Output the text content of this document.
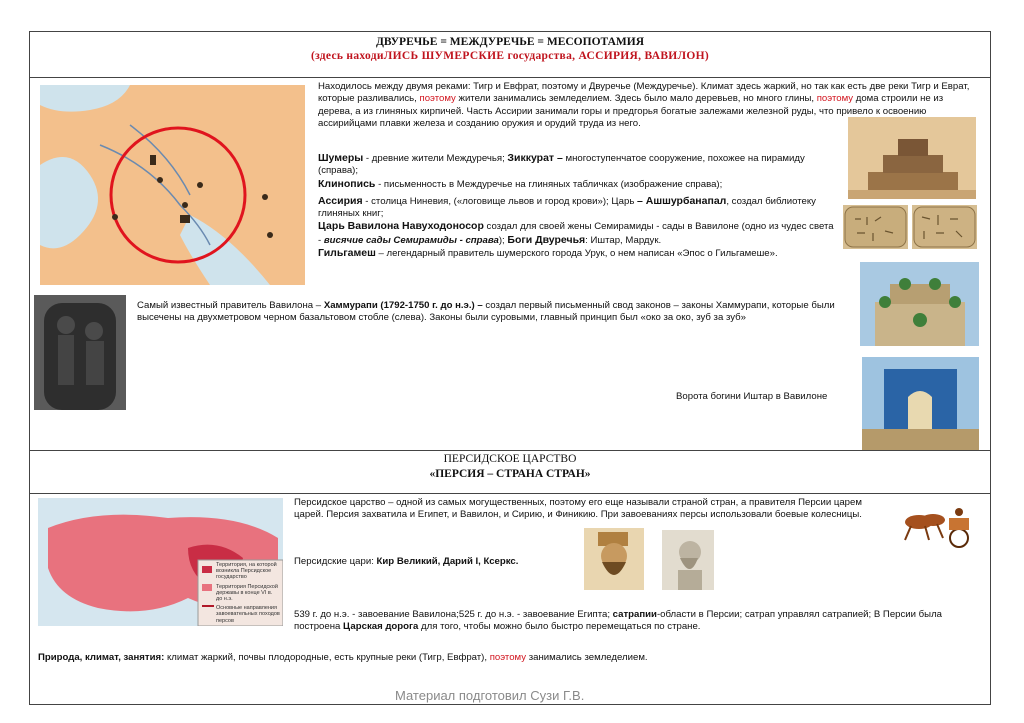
ДВУРЕЧЬЕ = МЕЖДУРЕЧЬЕ = МЕСОПОТАМИЯ
(здесь находиЛИСЬ ШУМЕРСКИЕ государства, АССИРИЯ, ВАВИЛОН)
Находилось между двумя реками: Тигр и Евфрат, поэтому и Двуречье (Междуречье). Климат здесь жаркий, но так как есть две реки Тигр и Еврат, которые разливались, поэтому жители занимались земледелием. Здесь было мало деревьев, но много глины, поэтому дома строили не из дерева, а из глиняных кирпичей. Часть Ассирии занимали горы и предгорья богатые залежами железной руды, что привело к освоению ассирийцами плавки железа и созданию оружия и орудий труда из него.
Шумеры - древние жители Междуречья; Зиккурат – многоступенчатое сооружение, похожее на пирамиду (справа);
Клинопись - письменность в Междуречье на глиняных табличках (изображение справа);
Ассирия - столица Ниневия, («логовище львов и город крови»); Царь – Ашшурбанапал, создал библиотеку глиняных книг;
Царь Вавилона Навуходоносор создал для своей жены Семирамиды - сады в Вавилоне (одно из чудес света - висячие сады Семирамиды - справа); Боги Двуречья: Иштар, Мардук.
Гильгамеш – легендарный правитель шумерского города Урук, о нем написан «Эпос о Гильгамеше».
Ворота богини Иштар в Вавилоне
Самый известный правитель Вавилона – Хаммурапи (1792-1750 г. до н.э.) – создал первый письменный свод законов – законы Хаммурапи, которые были высечены на двухметровом черном базальтовом стобле (слева). Законы были суровыми, главный принцип был «око за око, зуб за зуб»
ПЕРСИДСКОЕ ЦАРСТВО
«ПЕРСИЯ – СТРАНА СТРАН»
Территория, на которой возникла Персидское государство
Территория Персидской державы в конце VI в. до н.э.
Основные направления завоевательных походов персов
Персидское царство – одной из самых могущественных, поэтому его еще называли страной стран, а правителя Персии царем царей. Персия захватила и Египет, и Вавилон, и Сирию, и Финикию. При завоеваниях персы использовали боевые колесницы.
Персидские цари: Кир Великий, Дарий I, Ксеркс.
539 г. до н.э. - завоевание Вавилона;525 г. до н.э. - завоевание Египта; сатрапии-области в Персии; сатрап управлял сатрапией; В Персии была построена Царская дорога для того, чтобы можно было быстро перемещаться по стране.
Природа, климат, занятия: климат жаркий, почвы плодородные, есть крупные реки (Тигр, Евфрат), поэтому занимались земледелием.
Материал подготовил Сузи Г.В.
